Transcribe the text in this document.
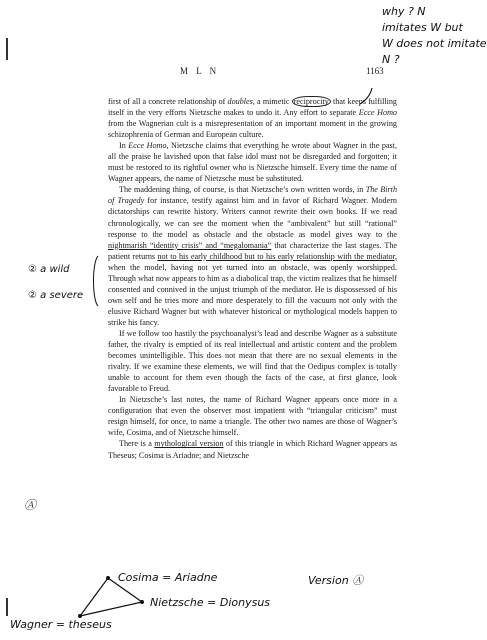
M L N	1163

first of all a concrete relationship of doubles, a mimetic reciprocity that keeps fulfilling itself in the very efforts Nietzsche makes to undo it. Any effort to separate Ecce Homo from the Wagnerian cult is a misrepresentation of an important moment in the growing schizophrenia of German and European culture.

In Ecce Homo, Nietzsche claims that everything he wrote about Wagner in the past, all the praise he lavished upon that false idol must not be disregarded and forgotten; it must be restored to its rightful owner who is Nietzsche himself. Every time the name of Wagner appears, the name of Nietzsche must be substituted.

The maddening thing, of course, is that Nietzsche’s own written words, in The Birth of Tragedy for instance, testify against him and in favor of Richard Wagner. Modern dictatorships can rewrite history. Writers cannot rewrite their own books. If we read chronologically, we can see the moment when the “ambivalent” but still “rational” response to the model as obstacle and the obstacle as model gives way to the nightmarish “identity crisis” and “megalomania” that characterize the last stages. The patient returns not to his early childhood but to his early relationship with the mediator, when the model, having not yet turned into an obstacle, was openly worshipped. Through what now appears to him as a diabolical trap, the victim realizes that he himself consented and connived in the unjust triumph of the mediator. He is dispossessed of his own self and he tries more and more desperately to fill the vacuum not only with the elusive Richard Wagner but with whatever historical or mythological models happen to strike his fancy.

If we follow too hastily the psychoanalyst’s lead and describe Wagner as a substitute father, the rivalry is emptied of its real intellectual and artistic content and the problem becomes unintelligible. This does not mean that there are no sexual elements in the rivalry. If we examine these elements, we will find that the Oedipus complex is totally unable to account for them even though the facts of the case, at first glance, look favorable to Freud.

In Nietzsche’s last notes, the name of Richard Wagner appears once more in a configuration that even the observer most impatient with “triangular criticism” must resign himself, for once, to name a triangle. The other two names are those of Wagner’s wife, Cosima, and of Nietzsche himself.

There is a mythological version of this triangle in which Richard Wagner appears as Theseus; Cosima is Ariadne; and Nietzsche

why ? N
imitates W but
W does not imitate
N ?
② a wild
② a severe
Ⓐ
Cosima = Ariadne	Version Ⓐ
Nietzsche = Dionysus
Wagner = theseus
